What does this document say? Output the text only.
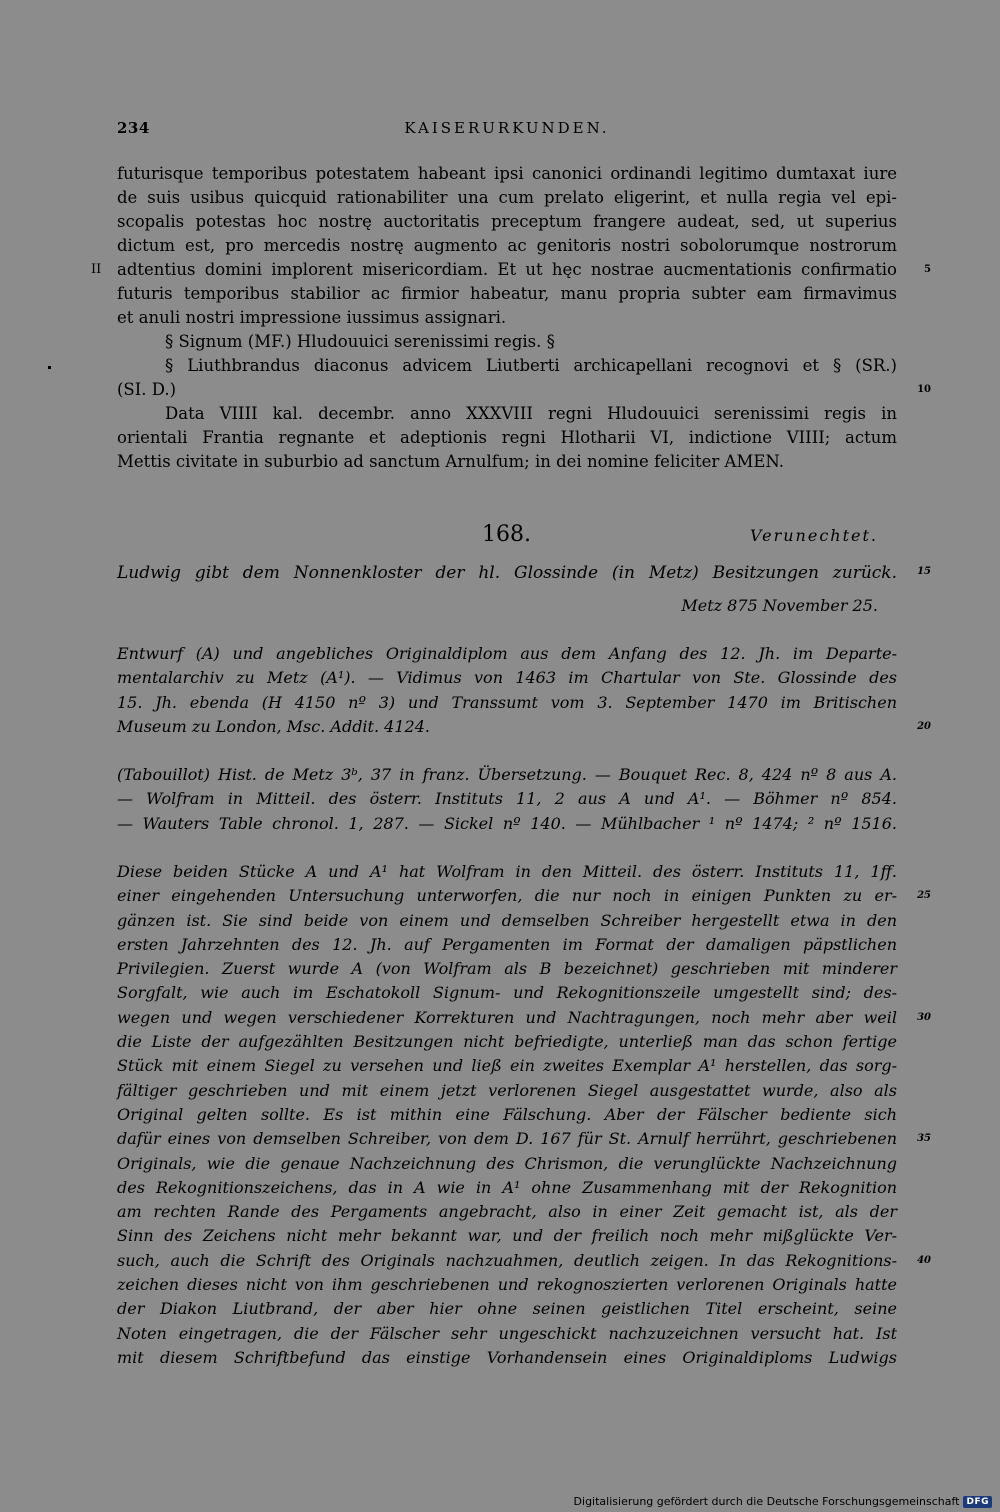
234	KAISERURKUNDEN.
futurisque temporibus potestatem habeant ipsi canonici ordinandi legitimo dumtaxat iure
de suis usibus quicquid rationabiliter una cum prelato eligerint, et nulla regia vel epi-
scopalis potestas hoc nostrę auctoritatis preceptum frangere audeat, sed, ut superius
dictum est, pro mercedis nostrę augmento ac genitoris nostri sobolorumque nostrorum
adtentius domini implorent misericordiam. Et ut hęc nostrae aucmentationis confirmatio	5
II
futuris temporibus stabilior ac firmior habeatur, manu propria subter eam firmavimus
et anuli nostri impressione iussimus assignari.
§ Signum (MF.) Hludouuici serenissimi regis. §
§ Liuthbrandus diaconus advicem Liutberti archicapellani recognovi et § (SR.)
(SI. D.)	10
Data VIIII kal. decembr. anno XXXVIII regni Hludouuici serenissimi regis in
orientali Frantia regnante et adeptionis regni Hlotharii VI, indictione VIIII; actum
Mettis civitate in suburbio ad sanctum Arnulfum; in dei nomine feliciter AMEN.
168.	Verunechtet.
Ludwig gibt dem Nonnenkloster der hl. Glossinde (in Metz) Besitzungen zurück. 15
Metz 875 November 25.
Entwurf (A) und angebliches Originaldiplom aus dem Anfang des 12. Jh. im Departe-
mentalarchiv zu Metz (A¹). — Vidimus von 1463 im Chartular von Ste. Glossinde des
15. Jh. ebenda (H 4150 nº 3) und Transsumt vom 3. September 1470 im Britischen
Museum zu London, Msc. Addit. 4124.	20
(Tabouillot) Hist. de Metz 3ᵇ, 37 in franz. Übersetzung. — Bouquet Rec. 8, 424 nº 8 aus A.
— Wolfram in Mitteil. des österr. Instituts 11, 2 aus A und A¹. — Böhmer nº 854.
— Wauters Table chronol. 1, 287. — Sickel nº 140. — Mühlbacher ¹ nº 1474; ² nº 1516.
Diese beiden Stücke A und A¹ hat Wolfram in den Mitteil. des österr. Instituts 11, 1ff.
einer eingehenden Untersuchung unterworfen, die nur noch in einigen Punkten zu er- 25
gänzen ist. Sie sind beide von einem und demselben Schreiber hergestellt etwa in den
ersten Jahrzehnten des 12. Jh. auf Pergamenten im Format der damaligen päpstlichen
Privilegien. Zuerst wurde A (von Wolfram als B bezeichnet) geschrieben mit minderer
Sorgfalt, wie auch im Eschatokoll Signum- und Rekognitionszeile umgestellt sind; des-
wegen und wegen verschiedener Korrekturen und Nachtragungen, noch mehr aber weil 30
die Liste der aufgezählten Besitzungen nicht befriedigte, unterließ man das schon fertige
Stück mit einem Siegel zu versehen und ließ ein zweites Exemplar A¹ herstellen, das sorg-
fältiger geschrieben und mit einem jetzt verlorenen Siegel ausgestattet wurde, also als
Original gelten sollte. Es ist mithin eine Fälschung. Aber der Fälscher bediente sich
dafür eines von demselben Schreiber, von dem D. 167 für St. Arnulf herrührt, geschriebenen 35
Originals, wie die genaue Nachzeichnung des Chrismon, die verunglückte Nachzeichnung
des Rekognitionszeichens, das in A wie in A¹ ohne Zusammenhang mit der Rekognition
am rechten Rande des Pergaments angebracht, also in einer Zeit gemacht ist, als der
Sinn des Zeichens nicht mehr bekannt war, und der freilich noch mehr mißglückte Ver-
such, auch die Schrift des Originals nachzuahmen, deutlich zeigen. In das Rekognitions- 40
zeichen dieses nicht von ihm geschriebenen und rekognoszierten verlorenen Originals hatte
der Diakon Liutbrand, der aber hier ohne seinen geistlichen Titel erscheint, seine
Noten eingetragen, die der Fälscher sehr ungeschickt nachzuzeichnen versucht hat. Ist
mit diesem Schriftbefund das einstige Vorhandensein eines Originaldiploms Ludwigs
Digitalisierung gefördert durch die Deutsche Forschungsgemeinschaft DFG
